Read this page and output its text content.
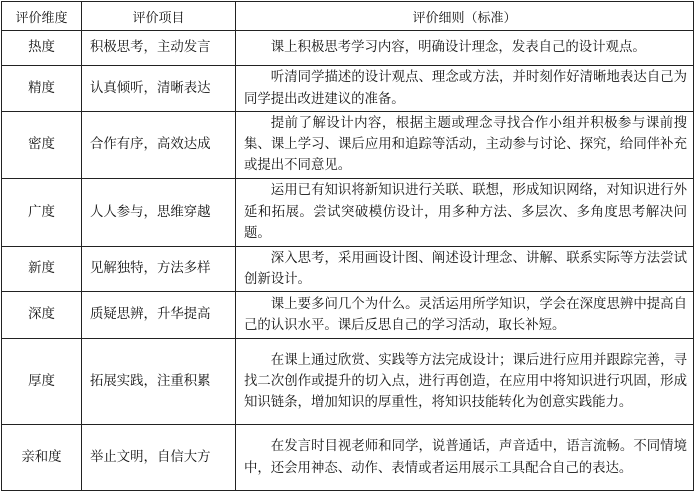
评价维度	评价项目	评价细则（标准）
热度	积极思考，主动发言	课上积极思考学习内容，明确设计理念，发表自己的设计观点。

精度	认真倾听，清晰表达	听清同学描述的设计观点、理念或方法，并时刻作好清晰地表达自己为同学提出改进建议的准备。

密度	合作有序，高效达成	提前了解设计内容，根据主题或理念寻找合作小组并积极参与课前搜集、课上学习、课后应用和追踪等活动，主动参与讨论、探究，给同伴补充或提出不同意见。

广度	人人参与，思维穿越	运用已有知识将新知识进行关联、联想，形成知识网络，对知识进行外延和拓展。尝试突破模仿设计，用多种方法、多层次、多角度思考解决问题。

新度	见解独特，方法多样	深入思考，采用画设计图、阐述设计理念、讲解、联系实际等方法尝试创新设计。

深度	质疑思辨，升华提高	课上要多问几个为什么。灵活运用所学知识，学会在深度思辨中提高自己的认识水平。课后反思自己的学习活动，取长补短。

厚度	拓展实践，注重积累	在课上通过欣赏、实践等方法完成设计；课后进行应用并跟踪完善，寻找二次创作或提升的切入点，进行再创造，在应用中将知识进行巩固，形成知识链条，增加知识的厚重性，将知识技能转化为创意实践能力。

亲和度	举止文明，自信大方	在发言时目视老师和同学，说普通话，声音适中，语言流畅。不同情境中，还会用神态、动作、表情或者运用展示工具配合自己的表达。
